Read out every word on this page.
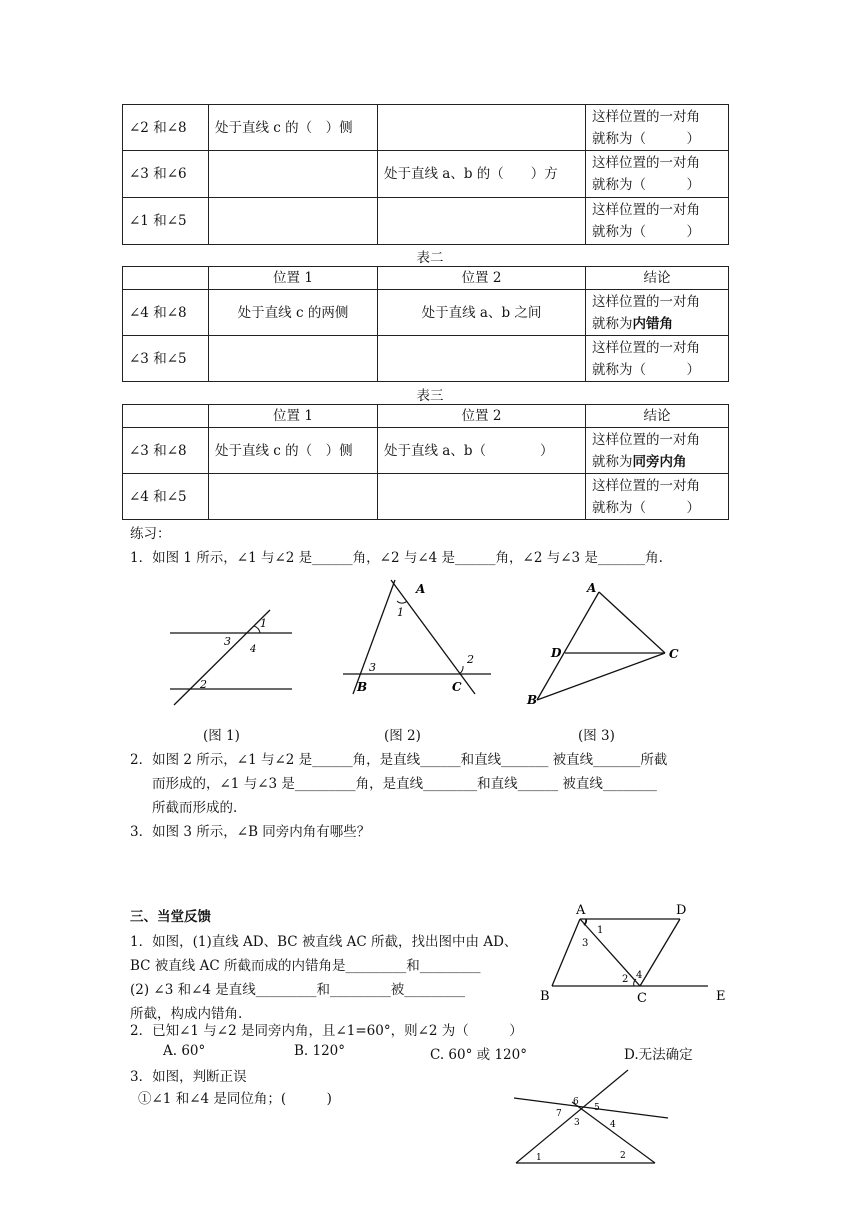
∠2 和∠8	处于直线 c 的（　）侧		这样位置的一对角
就称为（　　　）

∠3 和∠6		处于直线 a、b 的（　　）方	这样位置的一对角
就称为（　　　）

∠1 和∠5			这样位置的一对角
就称为（　　　）
表二
	位置 1	位置 2	结论
∠4 和∠8	处于直线 c 的两侧	处于直线 a、b 之间	这样位置的一对角
就称为内错角

∠3 和∠5			这样位置的一对角
就称为（　　　）
表三
	位置 1	位置 2	结论
∠3 和∠8	处于直线 c 的（　）侧	处于直线 a、b（　　　　）	这样位置的一对角
就称为同旁内角

∠4 和∠5			这样位置的一对角
就称为（　　　）
练习：
1．如图 1 所示，∠1 与∠2 是______角，∠2 与∠4 是______角，∠2 与∠3 是_______角.
1
3
4
2
A
1
3
2
B	C
A
D	C
B
(图 1)	(图 2)	(图 3)
2．如图 2 所示，∠1 与∠2 是______角，是直线______和直线_______ 被直线_______所截
而形成的，∠1 与∠3 是_________角，是直线________和直线______ 被直线________
所截而形成的.
3．如图 3 所示，∠B 同旁内角有哪些？
三、当堂反馈
1．如图，(1)直线 AD、BC 被直线 AC 所截，找出图中由 AD、
BC 被直线 AC 所截而成的内错角是_________和_________
(2) ∠3 和∠4 是直线_________和_________被_________
所截，构成内错角.
A	D
1
3
2 4
B	C	E
2．已知∠1 与∠2 是同旁内角，且∠1=60°，则∠2 为（　　　）
A. 60°	B. 120°	C. 60° 或 120°	D.无法确定
3．如图，判断正误
①∠1 和∠4 是同位角；(　　　)	6
5
7
3	4
1	2
